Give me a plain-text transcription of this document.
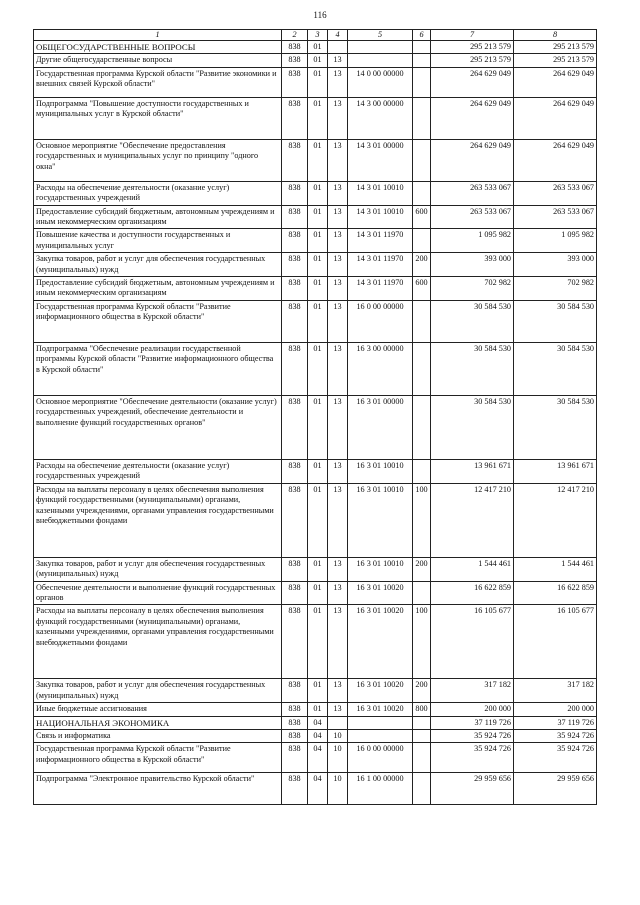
116
1	2	3	4	5	6	7	8
ОБЩЕГОСУДАРСТВЕННЫЕ ВОПРОСЫ	838	01				295 213 579	295 213 579
Другие общегосударственные вопросы	838	01	13			295 213 579	295 213 579
Государственная программа Курской области "Развитие экономики и внешних связей Курской области"	838	01	13	14 0 00 00000		264 629 049	264 629 049
Подпрограмма "Повышение доступности государственных и муниципальных услуг в Курской области"	838	01	13	14 3 00 00000		264 629 049	264 629 049
Основное мероприятие "Обеспечение предоставления государственных и муниципальных услуг по принципу "одного окна"	838	01	13	14 3 01 00000		264 629 049	264 629 049
Расходы на обеспечение деятельности (оказание услуг) государственных учреждений	838	01	13	14 3 01 10010		263 533 067	263 533 067
Предоставление субсидий бюджетным, автономным учреждениям и иным некоммерческим организациям	838	01	13	14 3 01 10010	600	263 533 067	263 533 067
Повышение качества и доступности государственных и муниципальных услуг	838	01	13	14 3 01 11970		1 095 982	1 095 982
Закупка товаров, работ и услуг для обеспечения государственных (муниципальных) нужд	838	01	13	14 3 01 11970	200	393 000	393 000
Предоставление субсидий бюджетным, автономным учреждениям и иным некоммерческим организациям	838	01	13	14 3 01 11970	600	702 982	702 982
Государственная программа Курской области "Развитие информационного общества в Курской области"	838	01	13	16 0 00 00000		30 584 530	30 584 530
Подпрограмма "Обеспечение реализации государственной программы Курской области "Развитие информационного общества в Курской области"	838	01	13	16 3 00 00000		30 584 530	30 584 530
Основное мероприятие "Обеспечение деятельности (оказание услуг) государственных учреждений, обеспечение деятельности и выполнение функций государственных органов"	838	01	13	16 3 01 00000		30 584 530	30 584 530
Расходы на обеспечение деятельности (оказание услуг) государственных учреждений	838	01	13	16 3 01 10010		13 961 671	13 961 671
Расходы на выплаты персоналу в целях обеспечения выполнения функций государственными (муниципальными) органами, казенными учреждениями, органами управления государственными внебюджетными фондами	838	01	13	16 3 01 10010	100	12 417 210	12 417 210
Закупка товаров, работ и услуг для обеспечения государственных (муниципальных) нужд	838	01	13	16 3 01 10010	200	1 544 461	1 544 461
Обеспечение деятельности и выполнение функций государственных органов	838	01	13	16 3 01 10020		16 622 859	16 622 859
Расходы на выплаты персоналу в целях обеспечения выполнения функций государственными (муниципальными) органами, казенными учреждениями, органами управления государственными внебюджетными фондами	838	01	13	16 3 01 10020	100	16 105 677	16 105 677
Закупка товаров, работ и услуг для обеспечения государственных (муниципальных) нужд	838	01	13	16 3 01 10020	200	317 182	317 182
Иные бюджетные ассигнования	838	01	13	16 3 01 10020	800	200 000	200 000
НАЦИОНАЛЬНАЯ ЭКОНОМИКА	838	04				37 119 726	37 119 726
Связь и информатика	838	04	10			35 924 726	35 924 726
Государственная программа Курской области "Развитие информационного общества в Курской области"	838	04	10	16 0 00 00000		35 924 726	35 924 726
Подпрограмма "Электронное правительство Курской области"	838	04	10	16 1 00 00000		29 959 656	29 959 656
